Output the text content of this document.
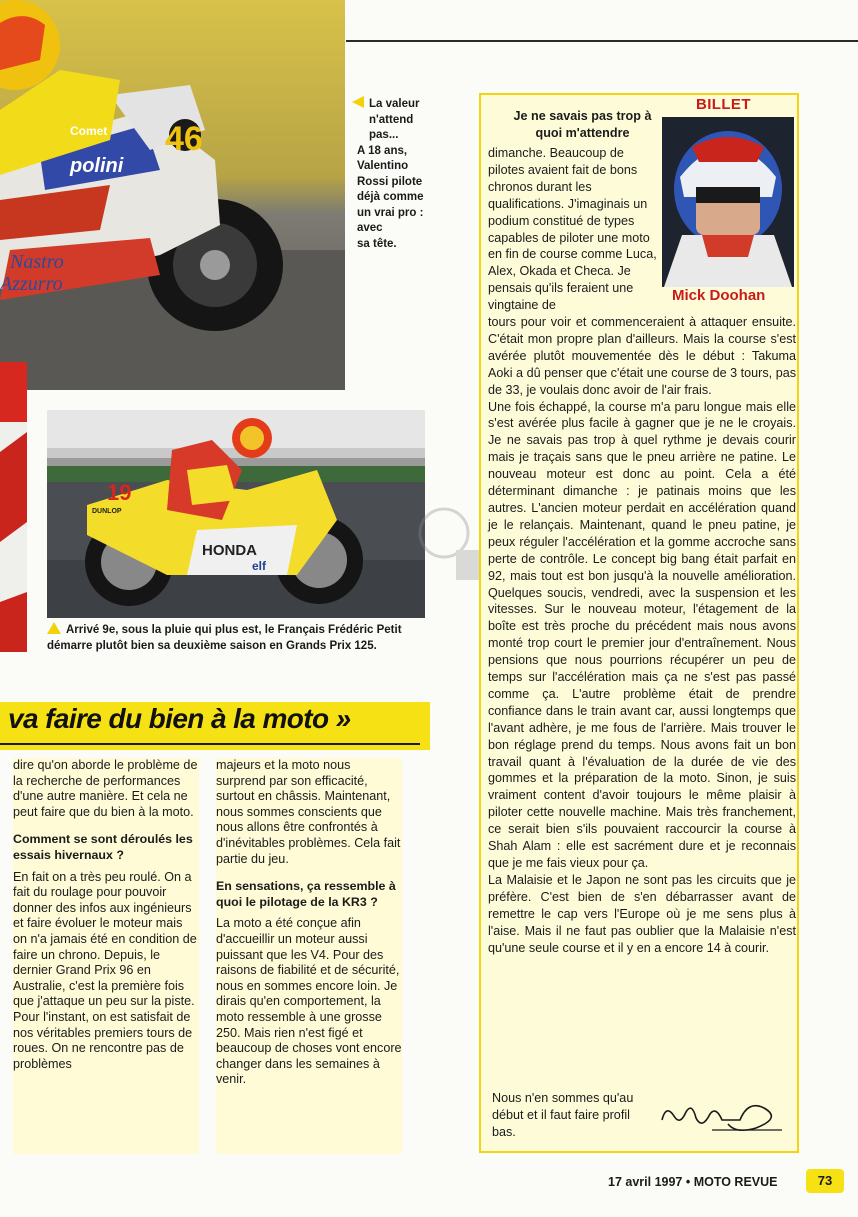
Comet
polini
Nastro
Azzurro
46
La valeur
n'attend
pas...
A 18 ans,
Valentino
Rossi pilote
déjà comme
un vrai pro :
avec
sa tête.
19
HONDA
elf
DUNLOP
Arrivé 9e, sous la pluie qui plus est, le Français Frédéric Petit
démarre plutôt bien sa deuxième saison en Grands Prix 125.
va faire du bien à la moto »

dire qu'on aborde le problème de la recherche de performances d'une autre manière. Et cela ne peut faire que du bien à la moto.

Comment se sont déroulés les essais hivernaux ?

En fait on a très peu roulé. On a fait du roulage pour pouvoir donner des infos aux ingénieurs et faire évoluer le moteur mais on n'a jamais été en condition de faire un chrono. Depuis, le dernier Grand Prix 96 en Australie, c'est la première fois que j'attaque un peu sur la piste. Pour l'instant, on est satisfait de nos véritables premiers tours de roues. On ne rencontre pas de problèmes

majeurs et la moto nous surprend par son efficacité, surtout en châssis. Maintenant, nous sommes conscients que nous allons être confrontés à d'inévitables problèmes. Cela fait partie du jeu.

En sensations, ça ressemble à quoi le pilotage de la KR3 ?

La moto a été conçue afin d'accueillir un moteur aussi puissant que les V4. Pour des raisons de fiabilité et de sécurité, nous en sommes encore loin. Je dirais qu'en comportement, la moto ressemble à une grosse 250. Mais rien n'est figé et beaucoup de choses vont encore changer dans les semaines à venir.

BILLET
Je ne savais pas trop à quoi m'attendre
Mick Doohan
dimanche. Beaucoup de pilotes avaient fait de bons chronos durant les qualifications. J'imaginais un podium constitué de types capables de piloter une moto en fin de course comme Luca, Alex, Okada et Checa. Je pensais qu'ils feraient une vingtaine de

tours pour voir et commenceraient à attaquer ensuite. C'était mon propre plan d'ailleurs. Mais la course s'est avérée plutôt mouvementée dès le début : Takuma Aoki a dû penser que c'était une course de 3 tours, pas de 33, je voulais donc avoir de l'air frais.

Une fois échappé, la course m'a paru longue mais elle s'est avérée plus facile à gagner que je ne le croyais. Je ne savais pas trop à quel rythme je devais courir mais je traçais sans que le pneu arrière ne patine. Le nouveau moteur est donc au point. Cela a été déterminant dimanche : je patinais moins que les autres. L'ancien moteur perdait en accélération quand je le relançais. Maintenant, quand le pneu patine, je peux réguler l'accélération et la gomme accroche sans perte de contrôle. Le concept big bang était parfait en 92, mais tout est bon jusqu'à la nouvelle amélioration. Quelques soucis, vendredi, avec la suspension et les vitesses. Sur le nouveau moteur, l'étagement de la boîte est très proche du précédent mais nous avons monté trop court le premier jour d'entraînement. Nous pensions que nous pourrions récupérer un peu de temps sur l'accélération mais ça ne s'est pas passé comme ça. L'autre problème était de prendre confiance dans le train avant car, aussi longtemps que l'avant adhère, je me fous de l'arrière. Mais trouver le bon réglage prend du temps. Nous avons fait un bon travail quant à l'évaluation de la durée de vie des gommes et la préparation de la moto. Sinon, je suis vraiment content d'avoir toujours le même plaisir à piloter cette nouvelle machine. Mais très franchement, ce serait bien s'ils pouvaient raccourcir la course à Shah Alam : elle est sacrément dure et je reconnais que je me fais vieux pour ça.

La Malaisie et le Japon ne sont pas les circuits que je préfère. C'est bien de s'en débarrasser avant de remettre le cap vers l'Europe où je me sens plus à l'aise. Mais il ne faut pas oublier que la Malaisie n'est qu'une seule course et il y en a encore 14 à courir.

Nous n'en sommes qu'au début et il faut faire profil bas.
17 avril 1997 • MOTO REVUE	73
